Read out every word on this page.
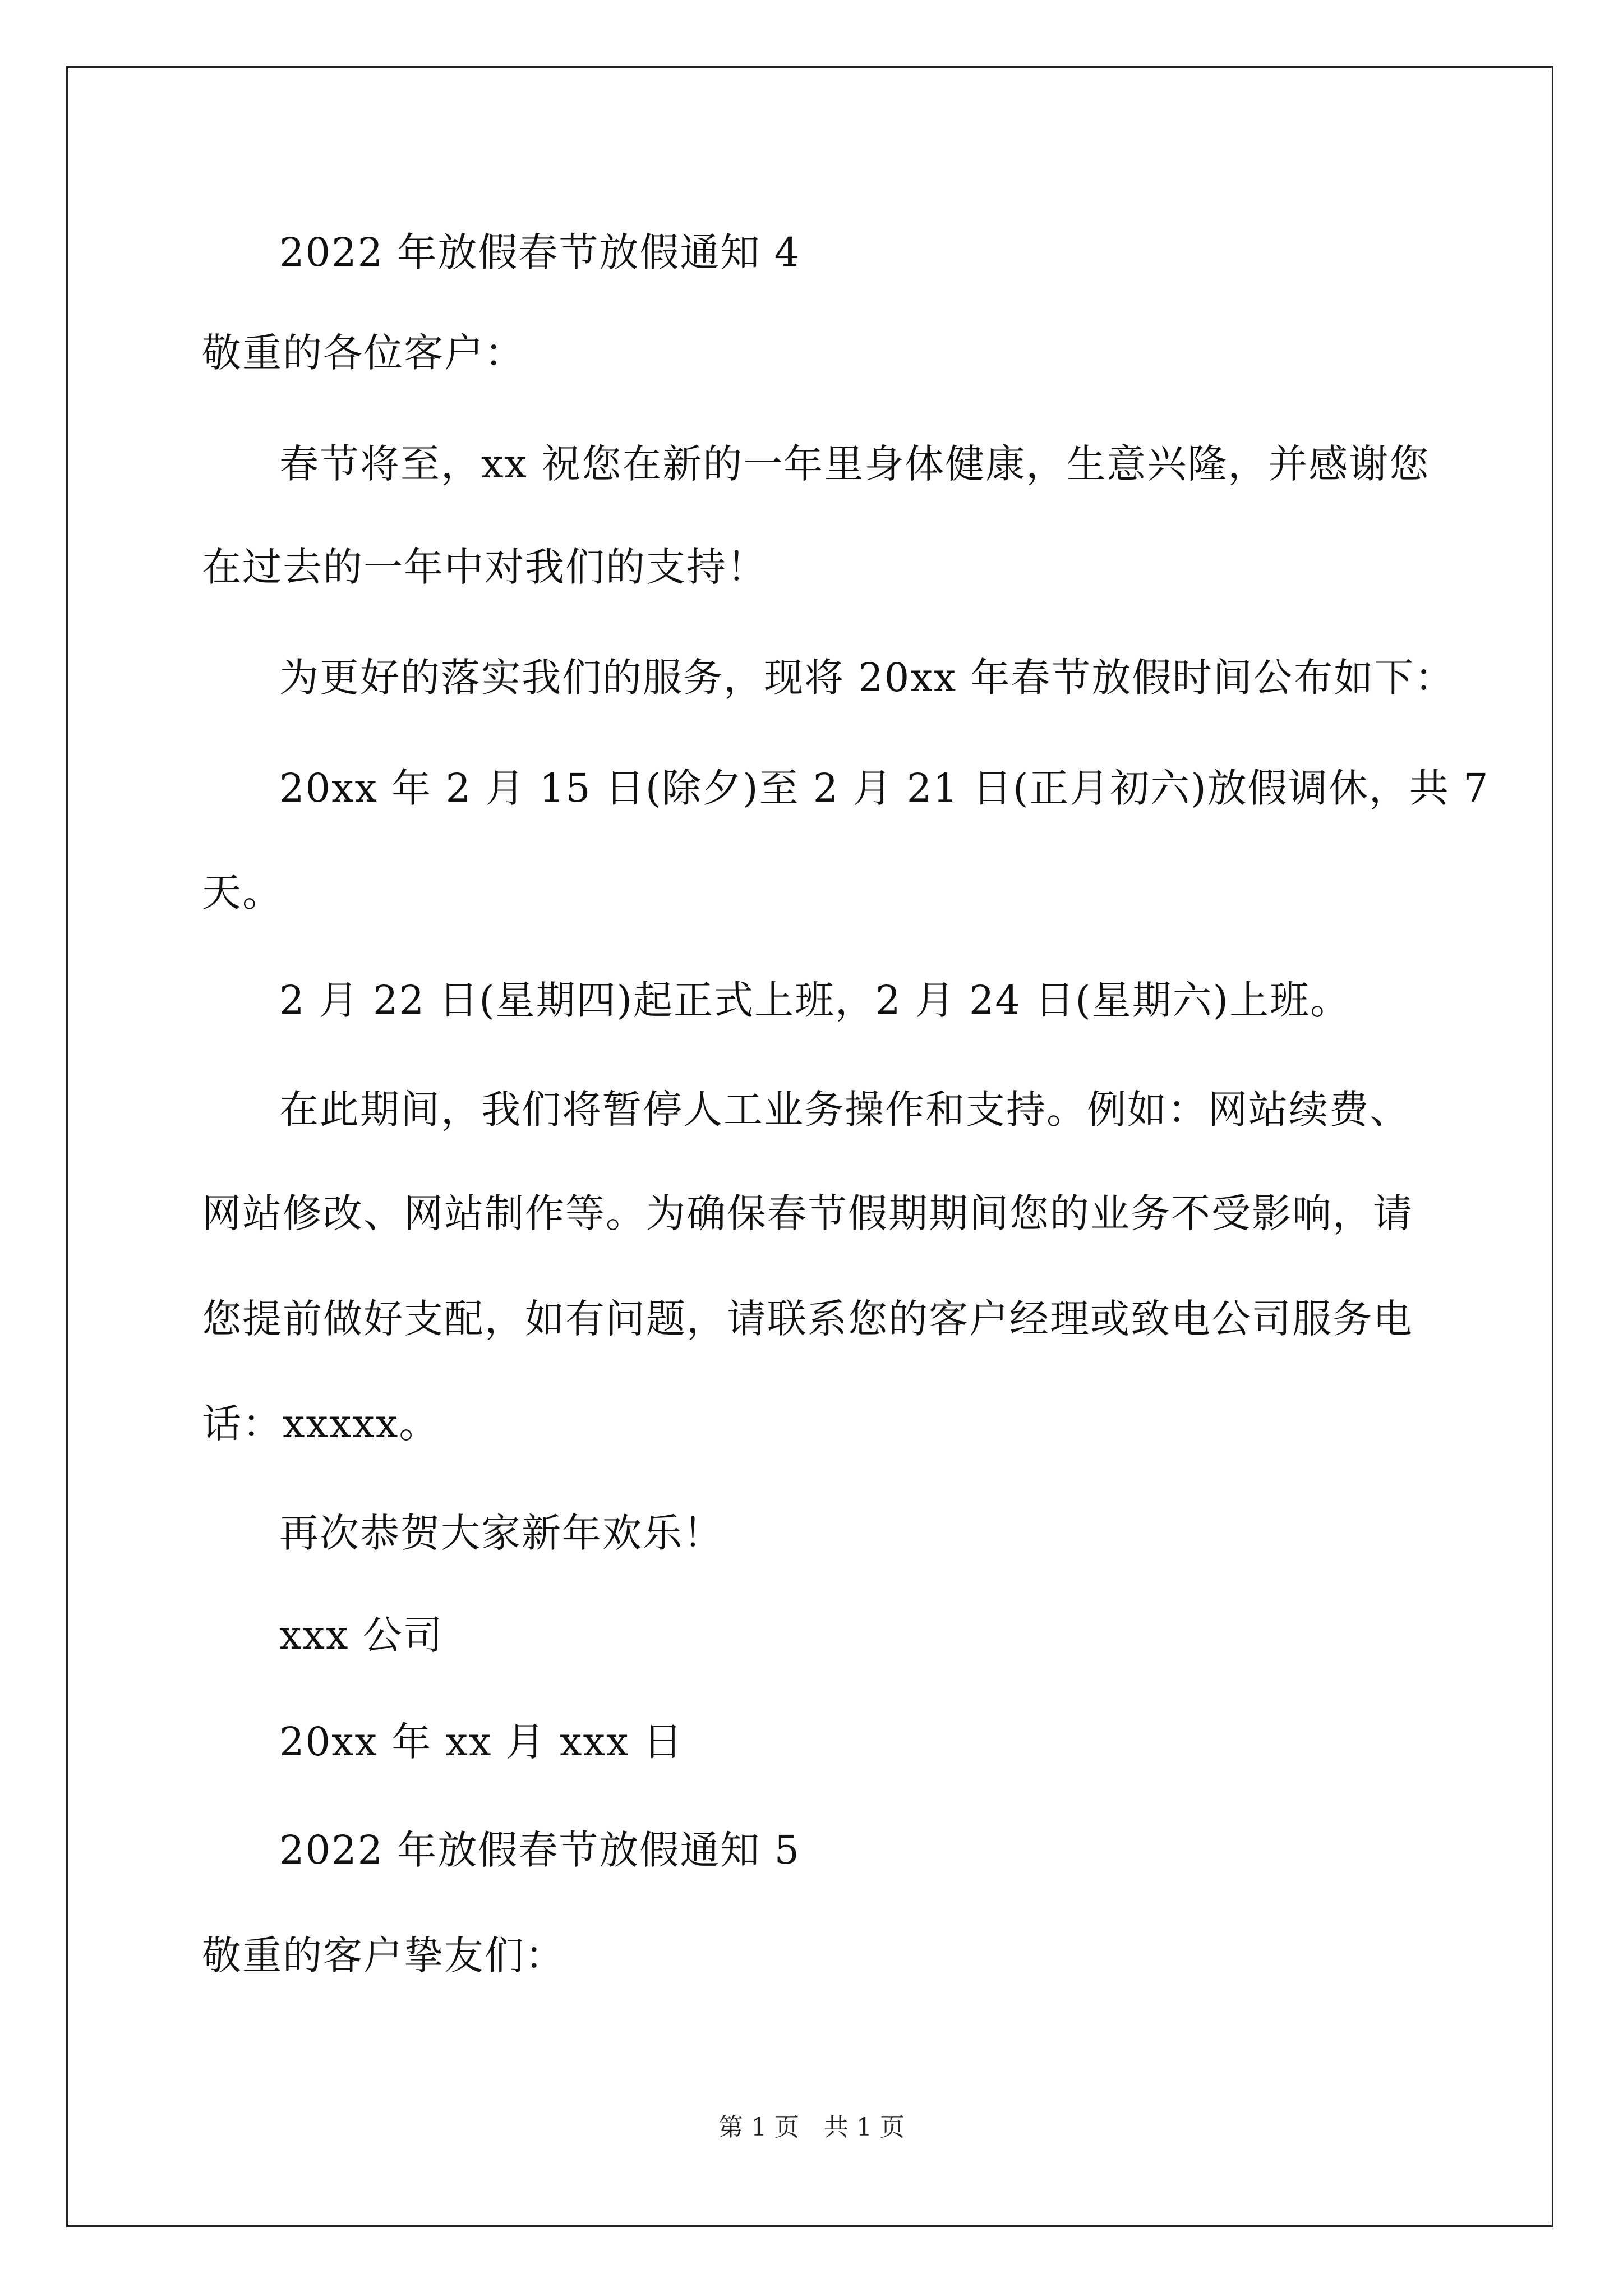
2022 年放假春节放假通知 4
敬重的各位客户：
春节将至，xx 祝您在新的一年里身体健康，生意兴隆，并感谢您
在过去的一年中对我们的支持！
为更好的落实我们的服务，现将 20xx 年春节放假时间公布如下：
20xx 年 2 月 15 日(除夕)至 2 月 21 日(正月初六)放假调休，共 7
天。
2 月 22 日(星期四)起正式上班，2 月 24 日(星期六)上班。
在此期间，我们将暂停人工业务操作和支持。例如：网站续费、
网站修改、网站制作等。为确保春节假期期间您的业务不受影响，请
您提前做好支配，如有问题，请联系您的客户经理或致电公司服务电
话：xxxxx。
再次恭贺大家新年欢乐！
xxx 公司
20xx 年 xx 月 xxx 日
2022 年放假春节放假通知 5
敬重的客户挚友们：
第 1 页　共 1 页
